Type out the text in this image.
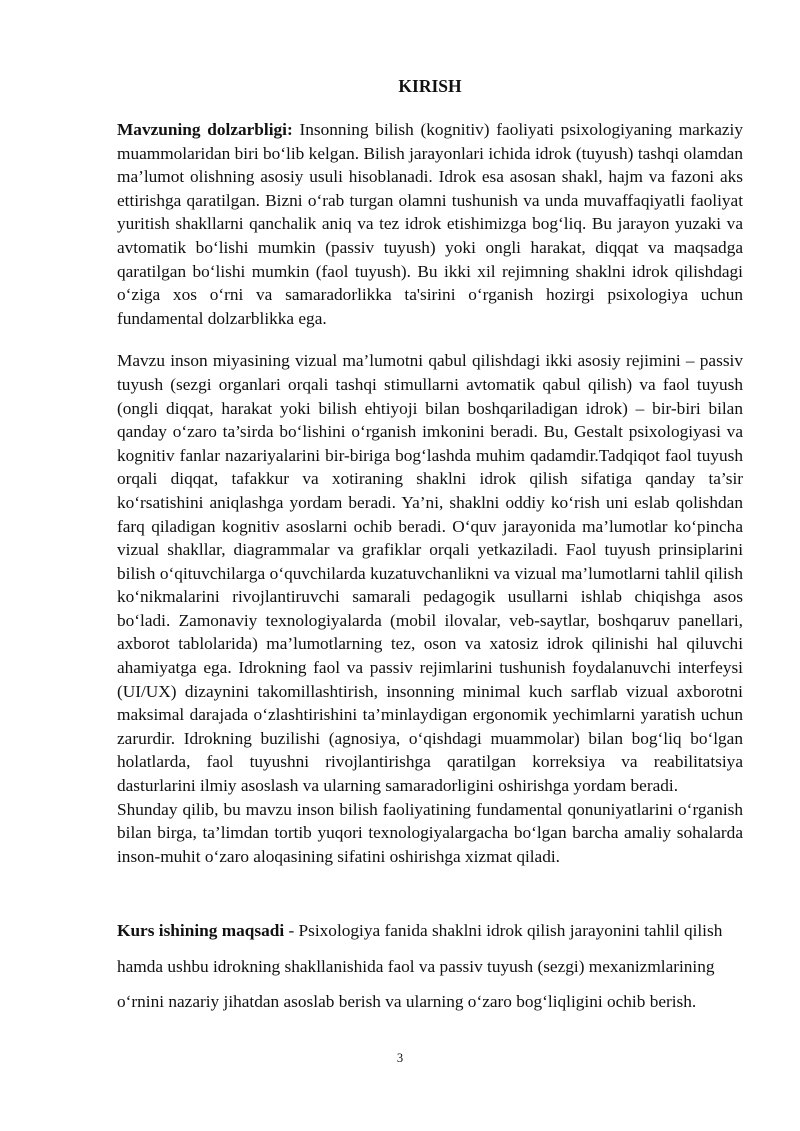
KIRISH

Mavzuning dolzarbligi: Insonning bilish (kognitiv) faoliyati psixologiyaning markaziy muammolaridan biri bo‘lib kelgan. Bilish jarayonlari ichida idrok (tuyush) tashqi olamdan ma’lumot olishning asosiy usuli hisoblanadi. Idrok esa asosan shakl, hajm va fazoni aks ettirishga qaratilgan. Bizni o‘rab turgan olamni tushunish va unda muvaffaqiyatli faoliyat yuritish shakllarni qanchalik aniq va tez idrok etishimizga bog‘liq. Bu jarayon yuzaki va avtomatik bo‘lishi mumkin (passiv tuyush) yoki ongli harakat, diqqat va maqsadga qaratilgan bo‘lishi mumkin (faol tuyush). Bu ikki xil rejimning shaklni idrok qilishdagi o‘ziga xos o‘rni va samaradorlikka ta'sirini o‘rganish hozirgi psixologiya uchun fundamental dolzarblikka ega.

Mavzu inson miyasining vizual ma’lumotni qabul qilishdagi ikki asosiy rejimini – passiv tuyush (sezgi organlari orqali tashqi stimullarni avtomatik qabul qilish) va faol tuyush (ongli diqqat, harakat yoki bilish ehtiyoji bilan boshqariladigan idrok) – bir-biri bilan qanday o‘zaro ta’sirda bo‘lishini o‘rganish imkonini beradi. Bu, Gestalt psixologiyasi va kognitiv fanlar nazariyalarini bir-biriga bog‘lashda muhim qadamdir.Tadqiqot faol tuyush orqali diqqat, tafakkur va xotiraning shaklni idrok qilish sifatiga qanday ta’sir ko‘rsatishini aniqlashga yordam beradi. Ya’ni, shaklni oddiy ko‘rish uni eslab qolishdan farq qiladigan kognitiv asoslarni ochib beradi. O‘quv jarayonida ma’lumotlar ko‘pincha vizual shakllar, diagrammalar va grafiklar orqali yetkaziladi. Faol tuyush prinsiplarini bilish o‘qituvchilarga o‘quvchilarda kuzatuvchanlikni va vizual ma’lumotlarni tahlil qilish ko‘nikmalarini rivojlantiruvchi samarali pedagogik usullarni ishlab chiqishga asos bo‘ladi. Zamonaviy texnologiyalarda (mobil ilovalar, veb-saytlar, boshqaruv panellari, axborot tablolarida) ma’lumotlarning tez, oson va xatosiz idrok qilinishi hal qiluvchi ahamiyatga ega. Idrokning faol va passiv rejimlarini tushunish foydalanuvchi interfeysi (UI/UX) dizaynini takomillashtirish, insonning minimal kuch sarflab vizual axborotni maksimal darajada o‘zlashtirishini ta’minlaydigan ergonomik yechimlarni yaratish uchun zarurdir. Idrokning buzilishi (agnosiya, o‘qishdagi muammolar) bilan bog‘liq bo‘lgan holatlarda, faol tuyushni rivojlantirishga qaratilgan korreksiya va reabilitatsiya dasturlarini ilmiy asoslash va ularning samaradorligini oshirishga yordam beradi.

Shunday qilib, bu mavzu inson bilish faoliyatining fundamental qonuniyatlarini o‘rganish bilan birga, ta’limdan tortib yuqori texnologiyalargacha bo‘lgan barcha amaliy sohalarda inson-muhit o‘zaro aloqasining sifatini oshirishga xizmat qiladi.

Kurs ishining maqsadi - Psixologiya fanida shaklni idrok qilish jarayonini tahlil qilish hamda ushbu idrokning shakllanishida faol va passiv tuyush (sezgi) mexanizmlarining o‘rnini nazariy jihatdan asoslab berish va ularning o‘zaro bog‘liqligini ochib berish.

3
